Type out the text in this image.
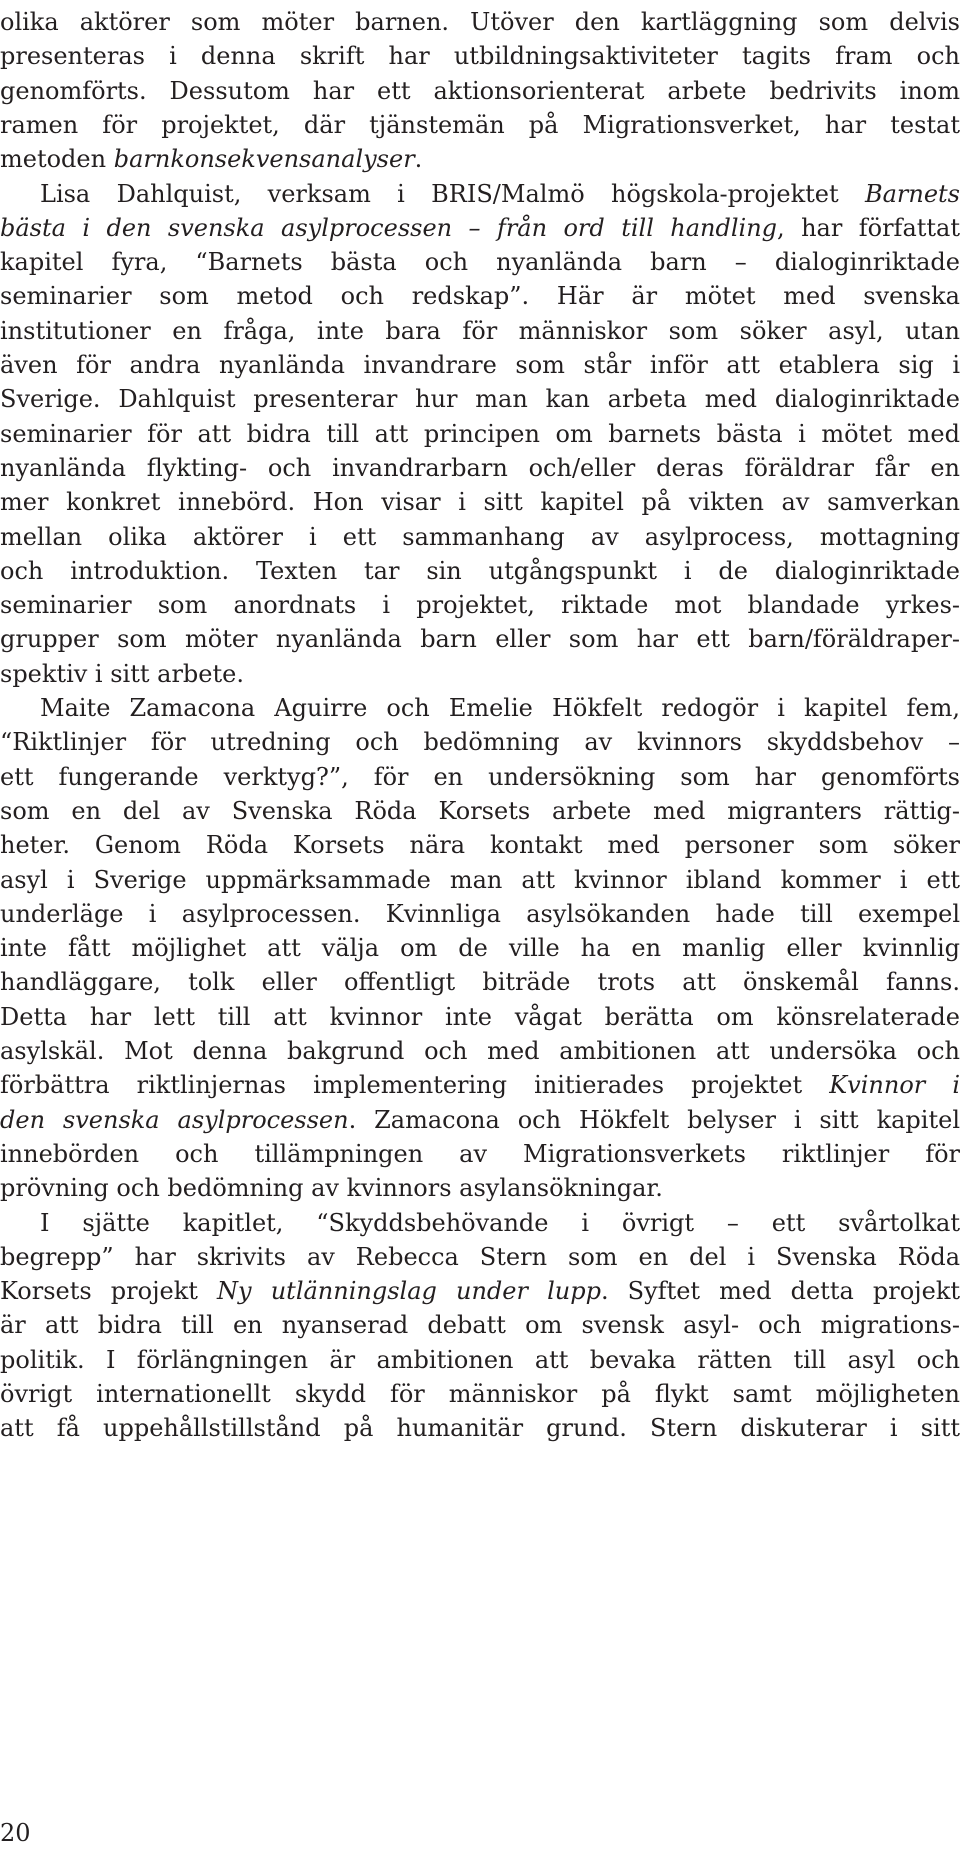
olika aktörer som möter barnen. Utöver den kartläggning som delvis
presenteras i denna skrift har utbildningsaktiviteter tagits fram och
genomförts. Dessutom har ett aktionsorienterat arbete bedrivits inom
ramen för projektet, där tjänstemän på Migrationsverket, har testat
metoden barnkonsekvensanalyser.
Lisa Dahlquist, verksam i BRIS/Malmö högskola-projektet Barnets
bästa i den svenska asylprocessen – från ord till handling, har författat
kapitel fyra, “Barnets bästa och nyanlända barn – dialoginriktade
seminarier som metod och redskap”. Här är mötet med svenska
institutioner en fråga, inte bara för människor som söker asyl, utan
även för andra nyanlända invandrare som står inför att etablera sig i
Sverige. Dahlquist presenterar hur man kan arbeta med dialoginriktade
seminarier för att bidra till att principen om barnets bästa i mötet med
nyanlända flykting- och invandrarbarn och/eller deras föräldrar får en
mer konkret innebörd. Hon visar i sitt kapitel på vikten av samverkan
mellan olika aktörer i ett sammanhang av asylprocess, mottagning
och introduktion. Texten tar sin utgångspunkt i de dialoginriktade
seminarier som anordnats i projektet, riktade mot blandade yrkes-
grupper som möter nyanlända barn eller som har ett barn/föräldraper-
spektiv i sitt arbete.
Maite Zamacona Aguirre och Emelie Hökfelt redogör i kapitel fem,
“Riktlinjer för utredning och bedömning av kvinnors skyddsbehov –
ett fungerande verktyg?”, för en undersökning som har genomförts
som en del av Svenska Röda Korsets arbete med migranters rättig-
heter. Genom Röda Korsets nära kontakt med personer som söker
asyl i Sverige uppmärksammade man att kvinnor ibland kommer i ett
underläge i asylprocessen. Kvinnliga asylsökanden hade till exempel
inte fått möjlighet att välja om de ville ha en manlig eller kvinnlig
handläggare, tolk eller offentligt biträde trots att önskemål fanns.
Detta har lett till att kvinnor inte vågat berätta om könsrelaterade
asylskäl. Mot denna bakgrund och med ambitionen att undersöka och
förbättra riktlinjernas implementering initierades projektet Kvinnor i
den svenska asylprocessen. Zamacona och Hökfelt belyser i sitt kapitel
innebörden och tillämpningen av Migrationsverkets riktlinjer för
prövning och bedömning av kvinnors asylansökningar.
I sjätte kapitlet, “Skyddsbehövande i övrigt – ett svårtolkat
begrepp” har skrivits av Rebecca Stern som en del i Svenska Röda
Korsets projekt Ny utlänningslag under lupp. Syftet med detta projekt
är att bidra till en nyanserad debatt om svensk asyl- och migrations-
politik. I förlängningen är ambitionen att bevaka rätten till asyl och
övrigt internationellt skydd för människor på flykt samt möjligheten
att få uppehållstillstånd på humanitär grund. Stern diskuterar i sitt
20
